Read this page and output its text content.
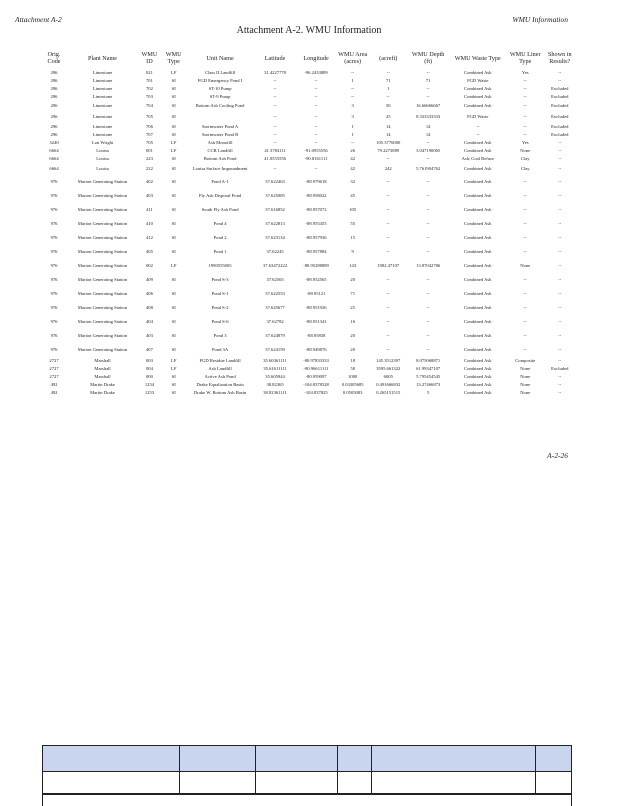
Attachment A-2	WMU Information
Attachment A-2. WMU Information
Orig. Code	Plant Name	WMU ID	WMU Type	Unit Name	Latitude	Longitude	WMU Area (acres)	(acreft)	WMU Depth (ft)	WMU Waste Type	WMU Liner Type	Shown in Results?
296	Limestone	021	LF	Class II Landfill	31.4227778	-96.2433889	--	--	--	Combined Ash	Yes	--
296	Limestone	701	SI	FGD Emergency Pond I	--	--	1	71	71	FGD Waste	--	--
296	Limestone	702	SI	ST-10 Pump	--	--	--	1	--	Combined Ash	--	Excluded
296	Limestone	703	SI	ST-9 Pump	--	--	--	--	--	Combined Ash	--	Excluded
296	Limestone	704	SI	Bottom Ash Cooling Pond	--	--	3	50	16.66666667	Combined Ash	--	Excluded
296	Limestone	705	SI		--	--	3	25	8.333333333	FGD Waste	--	Excluded
296	Limestone	706	SI	Stormwater Pond A	--	--	1	14	14	--	--	Excluded
296	Limestone	707	SI	Stormwater Pond B	--	--	1	14	14	--	--	Excluded
3240	Lon Wright	705	LF	Ash Monofill	--	--	--	105.3776000	--	Combined Ash	Yes	--
6664	Louisa	001	LF	CCR Landfill	41.3784111	-91.0955556	26	79.2273889	3.047190065	Combined Ash	None	--
6664	Louisa	223	SI	Bottom Ash Pond	41.0555556	-90.8161111	42	--	--	Ash, Coal Refuse	Clay	--
6664	Louisa	222	SI	Louisa Surface Impoundment	--	--	42	242	5.761904762	Combined Ash	Clay	--
976	Marion Generating Station	402	SI	Pond A-1	37.622463	-88.979618	32	--	--	Combined Ash	--	--
976	Marion Generating Station	403	SI	Fly Ash Disposal Pond	37.625085	-88.958022	45	--	--	Combined Ash	--	--
976	Marion Generating Station	411	SI	South Fly Ash Pond	37.616852	-88.957072	105	--	--	Combined Ash	--	--
976	Marion Generating Station	410	SI	Pond 4	37.622813	-88.955455	55	--	--	Combined Ash	--	--
976	Marion Generating Station	412	SI	Pond 2	37.623134	-88.957936	15	--	--	Combined Ash	--	--
976	Marion Generating Station	405	SI	Pond 1	37.62245	-88.957884	9	--	--	Combined Ash	--	--
976	Marion Generating Station	002	LF	1990555005	37.63472222	-88.95288889	143	1982.47107	13.87042786	Combined Ash	None	--
976	Marion Generating Station	409	SI	Pond S-3	37.62565	-88.952565	20	--	--	Combined Ash	--	--
976	Marion Generating Station	406	SI	Pond S-1	37.622553	-88.95121	71	--	--	Combined Ash	--	--
976	Marion Generating Station	408	SI	Pond S-2	37.625677	-88.951926	25	--	--	Combined Ash	--	--
976	Marion Generating Station	404	SI	Pond S-6	37.62782	-88.951341	16	--	--	Combined Ash	--	--
976	Marion Generating Station	403	SI	Pond 3	37.624879	-88.95838	20	--	--	Combined Ash	--	--
976	Marion Generating Station	407	SI	Pond 3A	37.624159	-88.949876	20	--	--	Combined Ash	--	--
2727	Marshall	003	LF	FGD Residue Landfill	35.60361111	-80.97833333	18	145.3512397	8.075068871	Combined Ash	Composite	--
2727	Marshall	004	LF	Ash Landfill	35.61611111	-80.96611111	58	3595.661322	61.99347107	Combined Ash	None	Excluded
2727	Marshall	000	SI	Active Ash Pond	35.605944	-80.959097	1000	6005	5.795454545	Combined Ash	None	--
492	Martin Drake	1254	SI	Drake Equalization Basin	38.82365	-104.8378528	0.03305685	0.491666832	13.27466873	Combined Ash	None	--
492	Martin Drake	1253	SI	Drake W. Bottom Ash Basin	38.82361111	-104.837825	0.0505083	0.265151515	5	Combined Ash	None	--
A-2-26
